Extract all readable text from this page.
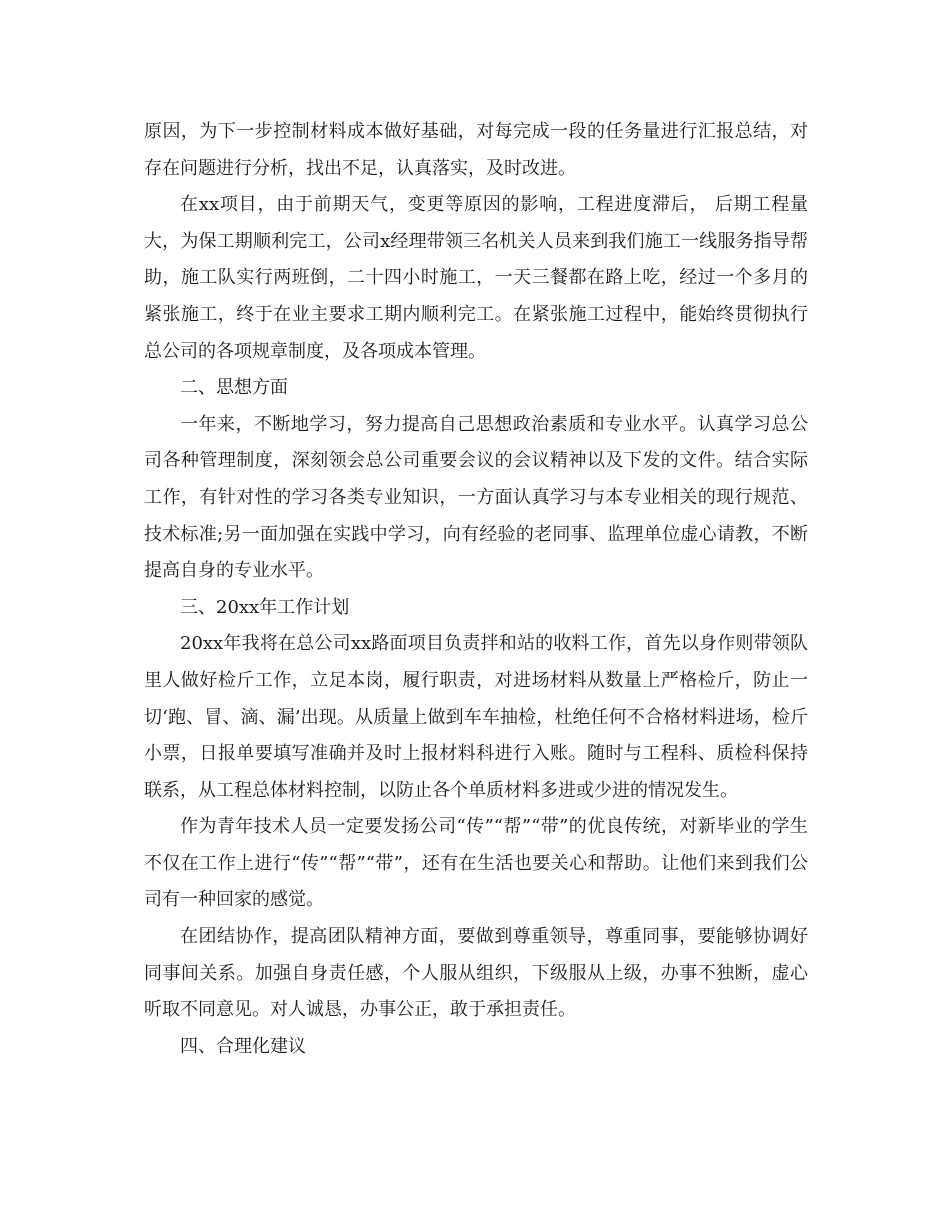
原因，为下一步控制材料成本做好基础，对每完成一段的任务量进行汇报总结，对存在问题进行分析，找出不足，认真落实，及时改进。

在xx项目，由于前期天气，变更等原因的影响，工程进度滞后， 后期工程量大，为保工期顺利完工，公司x经理带领三名机关人员来到我们施工一线服务指导帮助，施工队实行两班倒，二十四小时施工，一天三餐都在路上吃，经过一个多月的紧张施工，终于在业主要求工期内顺利完工。在紧张施工过程中，能始终贯彻执行总公司的各项规章制度，及各项成本管理。

二、思想方面

一年来，不断地学习，努力提高自己思想政治素质和专业水平。认真学习总公司各种管理制度，深刻领会总公司重要会议的会议精神以及下发的文件。结合实际工作，有针对性的学习各类专业知识，一方面认真学习与本专业相关的现行规范、技术标准;另一面加强在实践中学习，向有经验的老同事、监理单位虚心请教，不断提高自身的专业水平。

三、20xx年工作计划

20xx年我将在总公司xx路面项目负责拌和站的收料工作，首先以身作则带领队里人做好检斤工作，立足本岗，履行职责，对进场材料从数量上严格检斤，防止一切‘跑、冒、滴、漏’出现。从质量上做到车车抽检，杜绝任何不合格材料进场，检斤小票，日报单要填写准确并及时上报材料科进行入账。随时与工程科、质检科保持联系，从工程总体材料控制，以防止各个单质材料多进或少进的情况发生。

作为青年技术人员一定要发扬公司“传”“帮”“带”的优良传统，对新毕业的学生不仅在工作上进行“传”“帮”“带”，还有在生活也要关心和帮助。让他们来到我们公司有一种回家的感觉。

在团结协作，提高团队精神方面，要做到尊重领导，尊重同事，要能够协调好同事间关系。加强自身责任感，个人服从组织，下级服从上级，办事不独断，虚心听取不同意见。对人诚恳，办事公正，敢于承担责任。

四、合理化建议
